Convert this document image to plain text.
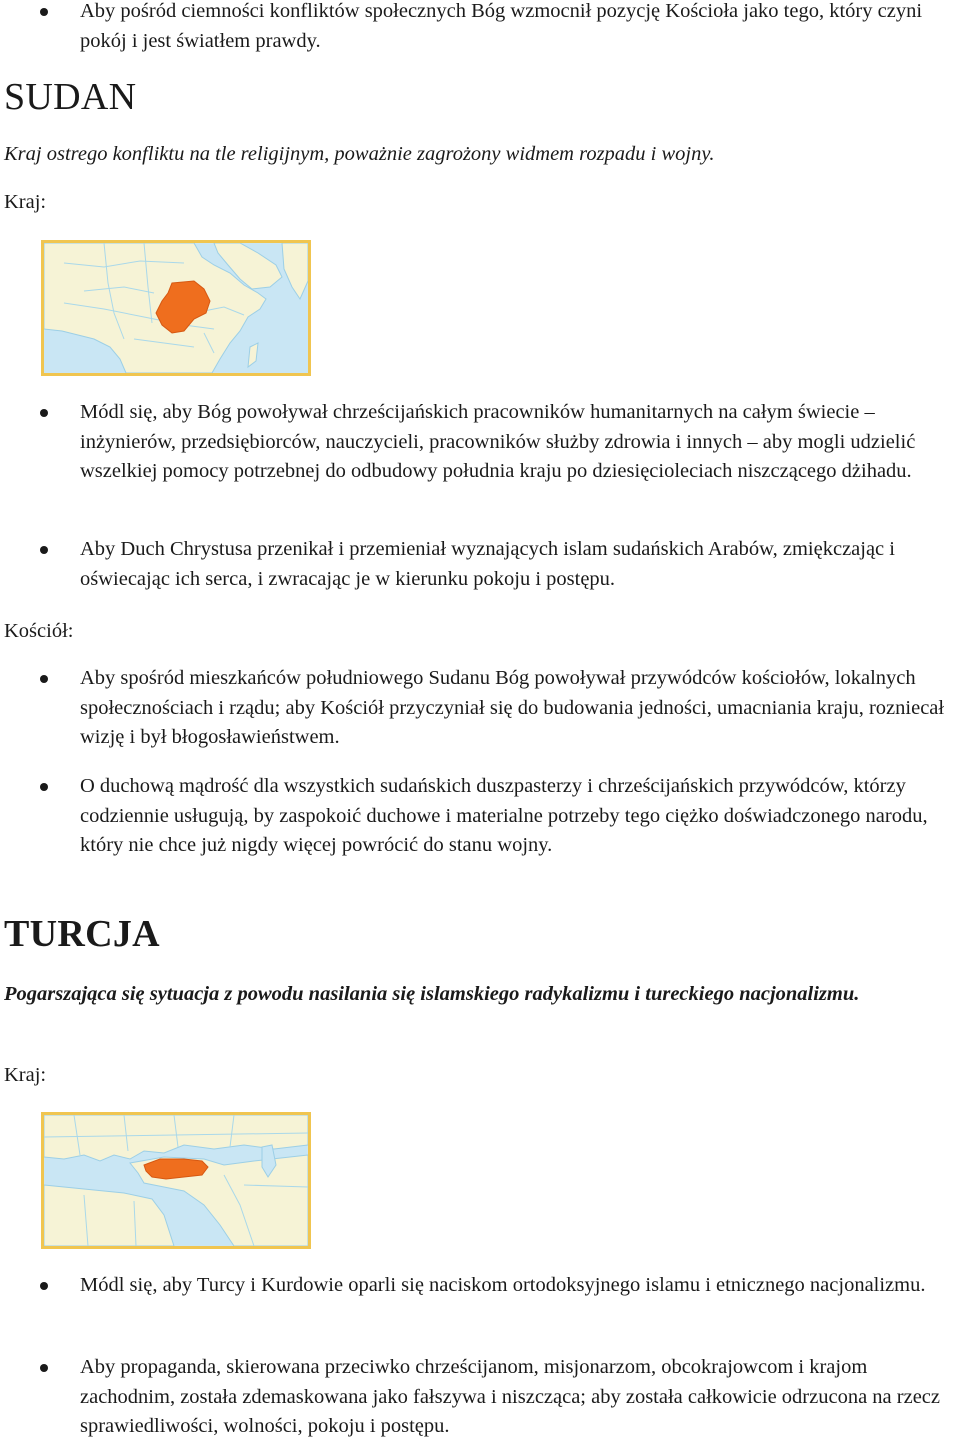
Aby pośród ciemności konfliktów społecznych Bóg wzmocnił pozycję Kościoła jako tego, który czyni pokój i jest światłem prawdy.
SUDAN
Kraj ostrego konfliktu na tle religijnym, poważnie zagrożony widmem rozpadu i wojny.
Kraj:
Módl się, aby Bóg powoływał chrześcijańskich pracowników humanitarnych na całym świecie – inżynierów, przedsiębiorców, nauczycieli, pracowników służby zdrowia i innych – aby mogli udzielić wszelkiej pomocy potrzebnej do odbudowy południa kraju po dziesięcioleciach niszczącego dżihadu.
Aby Duch Chrystusa przenikał i przemieniał wyznających islam sudańskich Arabów, zmiękczając i oświecając ich serca, i zwracając je w kierunku pokoju i postępu.
Kościół:
Aby spośród mieszkańców południowego Sudanu Bóg powoływał przywódców kościołów, lokalnych społecznościach i rządu; aby Kościół przyczyniał się do budowania jedności, umacniania kraju, rozniecał wizję i był błogosławieństwem.
O duchową mądrość dla wszystkich sudańskich duszpasterzy i chrześcijańskich przywódców, którzy codziennie usługują, by zaspokoić duchowe i materialne potrzeby tego ciężko doświadczonego narodu, który nie chce już nigdy więcej powrócić do stanu wojny.
TURCJA
Pogarszająca się sytuacja z powodu nasilania się islamskiego radykalizmu i tureckiego nacjonalizmu.
Kraj:
Módl się, aby Turcy i Kurdowie oparli się naciskom ortodoksyjnego islamu i etnicznego nacjonalizmu.
Aby propaganda, skierowana przeciwko chrześcijanom, misjonarzom, obcokrajowcom i krajom zachodnim, została zdemaskowana jako fałszywa i niszcząca; aby została całkowicie odrzucona na rzecz sprawiedliwości, wolności, pokoju i postępu.
